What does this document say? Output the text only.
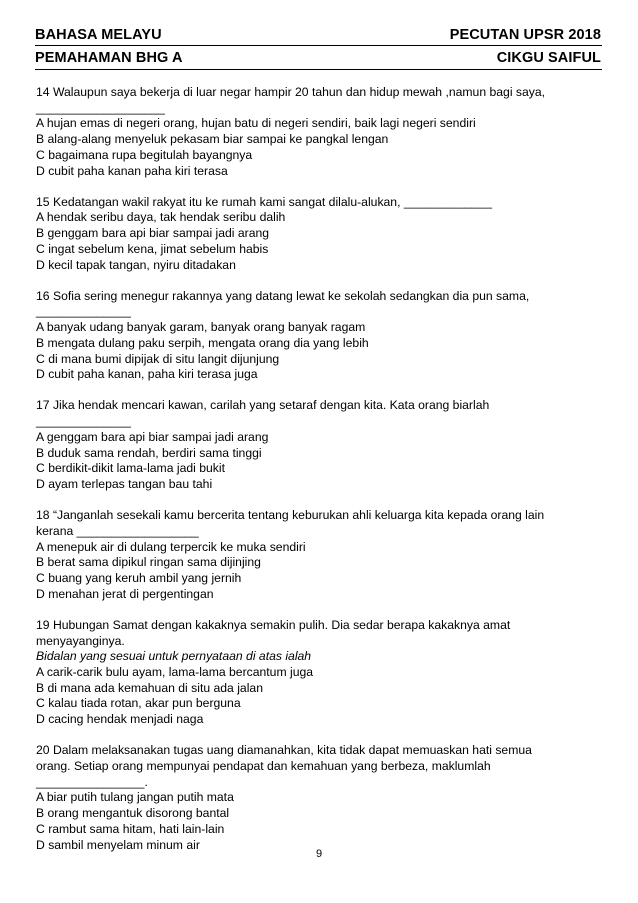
BAHASA MELAYU	PECUTAN UPSR 2018
PEMAHAMAN BHG A	CIKGU SAIFUL

14 Walaupun saya bekerja di luar negar hampir 20 tahun dan hidup mewah ,namun bagi saya,

___________________

A hujan emas di negeri orang, hujan batu di negeri sendiri, baik lagi negeri sendiri

B alang-alang menyeluk pekasam biar sampai ke pangkal lengan

C bagaimana rupa begitulah bayangnya

D cubit paha kanan paha kiri terasa

15 Kedatangan wakil rakyat itu ke rumah kami sangat dilalu-alukan, _____________

A hendak seribu daya, tak hendak seribu dalih

B genggam bara api biar sampai jadi arang

C ingat sebelum kena, jimat sebelum habis

D kecil tapak tangan, nyiru ditadakan

16 Sofia sering menegur rakannya yang datang lewat ke sekolah sedangkan dia pun sama,

______________

A banyak udang banyak garam, banyak orang banyak ragam

B mengata dulang paku serpih, mengata orang dia yang lebih

C di mana bumi dipijak di situ langit dijunjung

D cubit paha kanan, paha kiri terasa juga

17 Jika hendak mencari kawan, carilah yang setaraf dengan kita. Kata orang biarlah

______________

A genggam bara api biar sampai jadi arang

B duduk sama rendah, berdiri sama tinggi

C berdikit-dikit lama-lama jadi bukit

D ayam terlepas tangan bau tahi

18 “Janganlah sesekali kamu bercerita tentang keburukan ahli keluarga kita kepada orang lain

kerana __________________

A menepuk air di dulang terpercik ke muka sendiri

B berat sama dipikul ringan sama dijinjing

C buang yang keruh ambil yang jernih

D menahan jerat di pergentingan

19 Hubungan Samat dengan kakaknya semakin pulih. Dia sedar berapa kakaknya amat

menyayanginya.

Bidalan yang sesuai untuk pernyataan di atas ialah

A carik-carik bulu ayam, lama-lama bercantum juga

B di mana ada kemahuan di situ ada jalan

C kalau tiada rotan, akar pun berguna

D cacing hendak menjadi naga

20 Dalam melaksanakan tugas uang diamanahkan, kita tidak dapat memuaskan hati semua

orang. Setiap orang mempunyai pendapat dan kemahuan yang berbeza, maklumlah

________________.

A biar putih tulang jangan putih mata

B orang mengantuk disorong bantal

C rambut sama hitam, hati lain-lain

D sambil menyelam minum air

9
